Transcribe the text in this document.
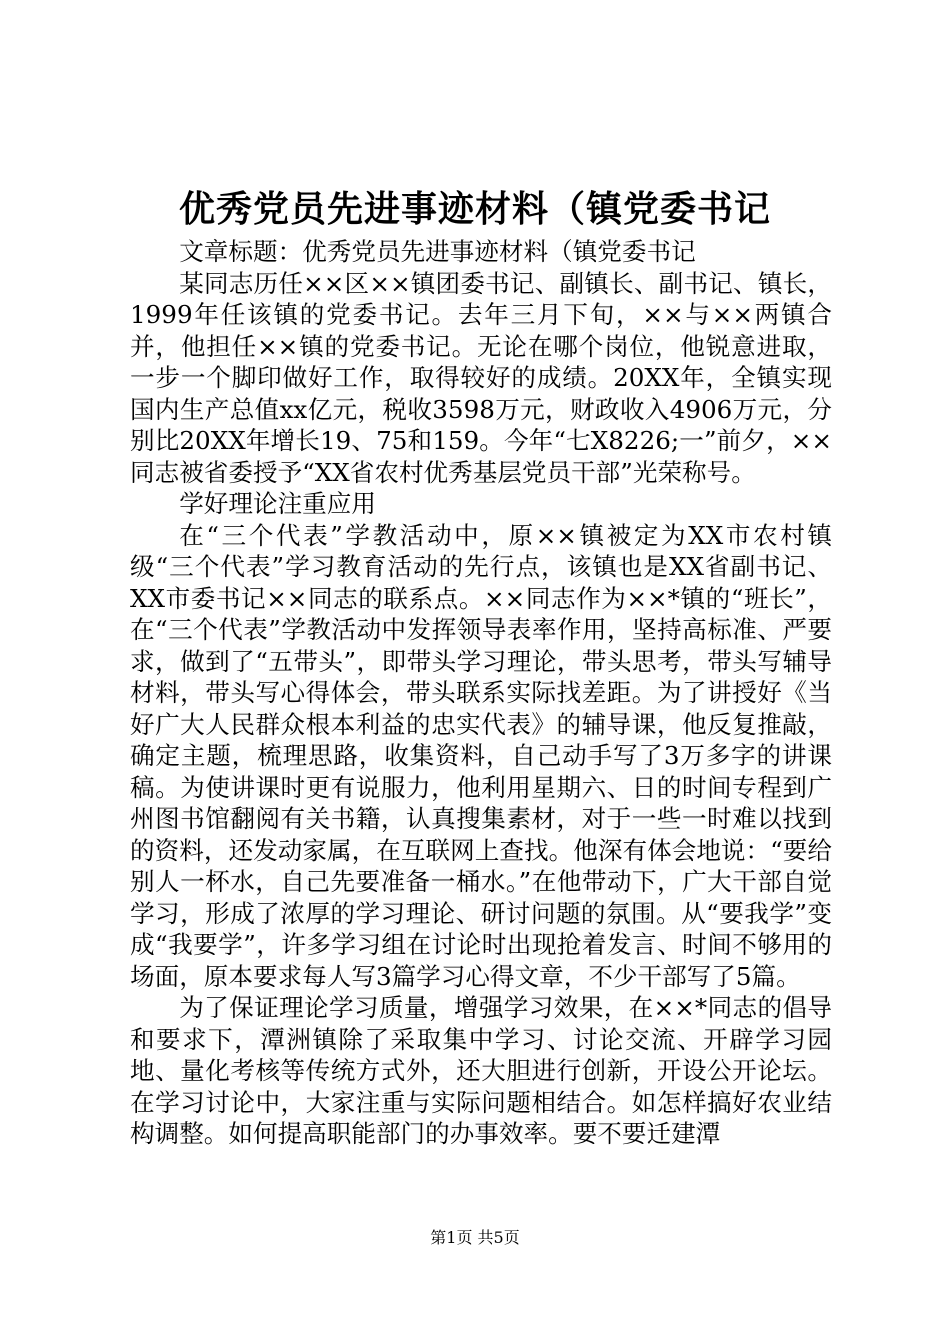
优秀党员先进事迹材料（镇党委书记

文章标题：优秀党员先进事迹材料（镇党委书记

某同志历任××区××镇团委书记、副镇长、副书记、镇长，1999年任该镇的党委书记。去年三月下旬，××与××两镇合并，他担任××镇的党委书记。无论在哪个岗位，他锐意进取，一步一个脚印做好工作，取得较好的成绩。20XX年，全镇实现国内生产总值xx亿元，税收3598万元，财政收入4906万元，分别比20XX年增长19、75和159。今年“七X8226;一”前夕，××同志被省委授予“XX省农村优秀基层党员干部”光荣称号。

学好理论注重应用

在“三个代表”学教活动中，原××镇被定为XX市农村镇级“三个代表”学习教育活动的先行点，该镇也是XX省副书记、XX市委书记××同志的联系点。××同志作为××*镇的“班长”，在“三个代表”学教活动中发挥领导表率作用，坚持高标准、严要求，做到了“五带头”，即带头学习理论，带头思考，带头写辅导材料，带头写心得体会，带头联系实际找差距。为了讲授好《当好广大人民群众根本利益的忠实代表》的辅导课，他反复推敲，确定主题，梳理思路，收集资料，自己动手写了3万多字的讲课稿。为使讲课时更有说服力，他利用星期六、日的时间专程到广州图书馆翻阅有关书籍，认真搜集素材，对于一些一时难以找到的资料，还发动家属，在互联网上查找。他深有体会地说：“要给别人一杯水，自己先要准备一桶水。”在他带动下，广大干部自觉学习，形成了浓厚的学习理论、研讨问题的氛围。从“要我学”变成“我要学”，许多学习组在讨论时出现抢着发言、时间不够用的场面，原本要求每人写3篇学习心得文章，不少干部写了5篇。

为了保证理论学习质量，增强学习效果，在××*同志的倡导和要求下，潭洲镇除了采取集中学习、讨论交流、开辟学习园地、量化考核等传统方式外，还大胆进行创新，开设公开论坛。在学习讨论中，大家注重与实际问题相结合。如怎样搞好农业结构调整。如何提高职能部门的办事效率。要不要迁建潭

第1页 共5页
